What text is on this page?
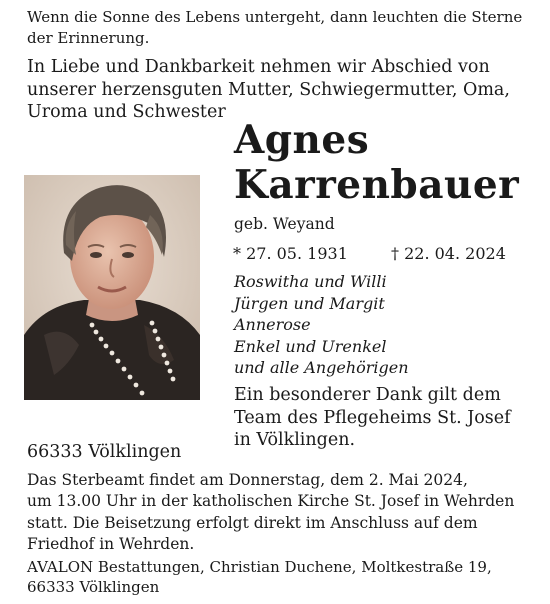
Wenn die Sonne des Lebens untergeht, dann leuchten die Sterne
der Erinnerung.
In Liebe und Dankbarkeit nehmen wir Abschied von
unserer herzensguten Mutter, Schwiegermutter, Oma,
Uroma und Schwester
Agnes
Karrenbauer
geb. Weyand
* 27. 05. 1931	† 22. 04. 2024
Roswitha und Willi
Jürgen und Margit
Annerose
Enkel und Urenkel
und alle Angehörigen
Ein besonderer Dank gilt dem
Team des Pflegeheims St. Josef
in Völklingen.
66333 Völklingen
Das Sterbeamt findet am Donnerstag, dem 2. Mai 2024,
um 13.00 Uhr in der katholischen Kirche St. Josef in Wehrden
statt. Die Beisetzung erfolgt direkt im Anschluss auf dem
Friedhof in Wehrden.
AVALON Bestattungen, Christian Duchene, Moltkestraße 19,
66333 Völklingen
